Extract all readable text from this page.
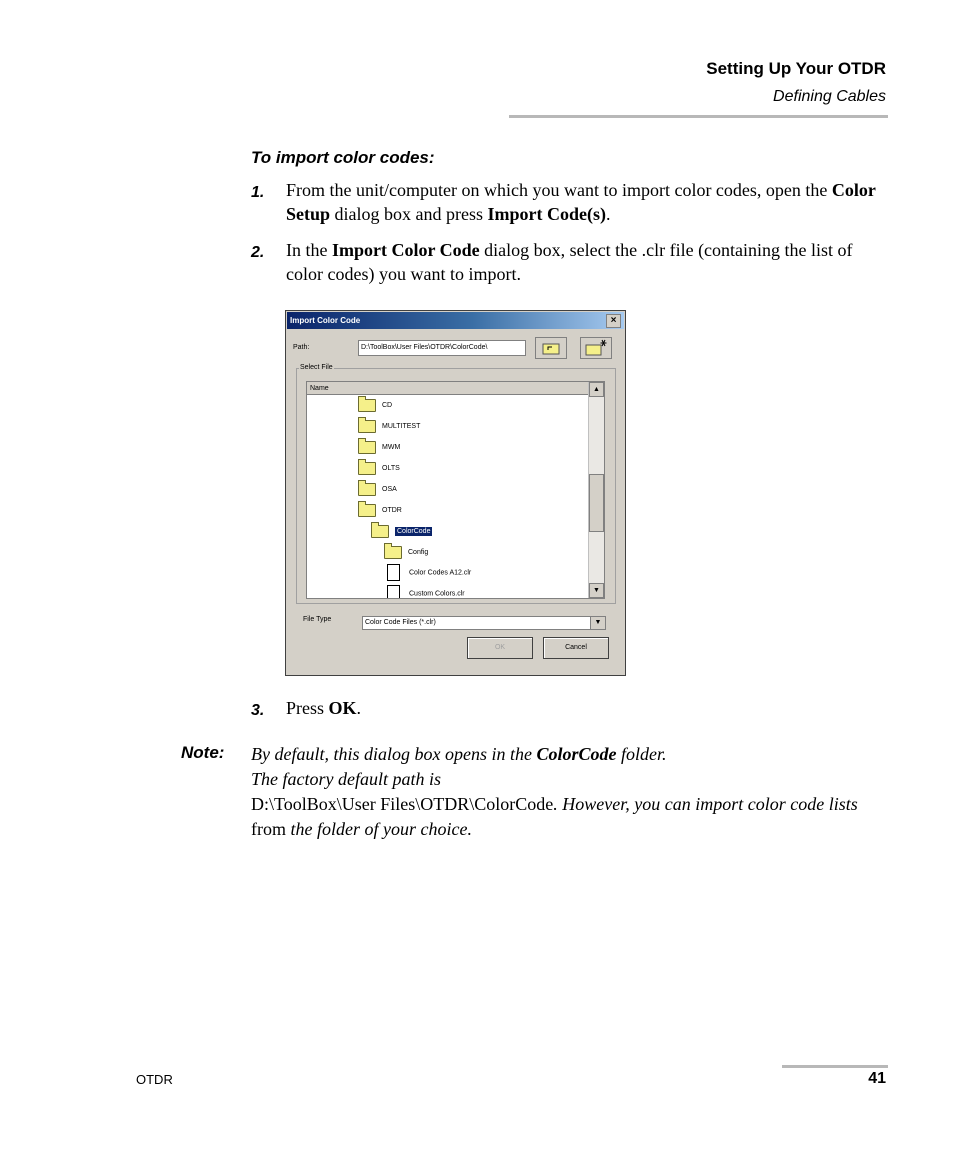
Setting Up Your OTDR
Defining Cables
To import color codes:
1. From the unit/computer on which you want to import color codes, open the Color Setup dialog box and press Import Code(s).
2. In the Import Color Code dialog box, select the .clr file (containing the list of color codes) you want to import.
Import Color Code	×
Path:	D:\ToolBox\User Files\OTDR\ColorCode\
Select File
Name	▲
▼
CD
MULTITEST
MWM
OLTS
OSA
OTDR
ColorCode
Config
Color Codes A12.clr
Custom Colors.clr
File Type	Color Code Files (*.clr)	▼
OK	Cancel
3. Press OK.
Note: By default, this dialog box opens in the ColorCode folder.
The factory default path is
D:\ToolBox\User Files\OTDR\ColorCode. However, you can import color code lists from the folder of your choice.
OTDR	41
